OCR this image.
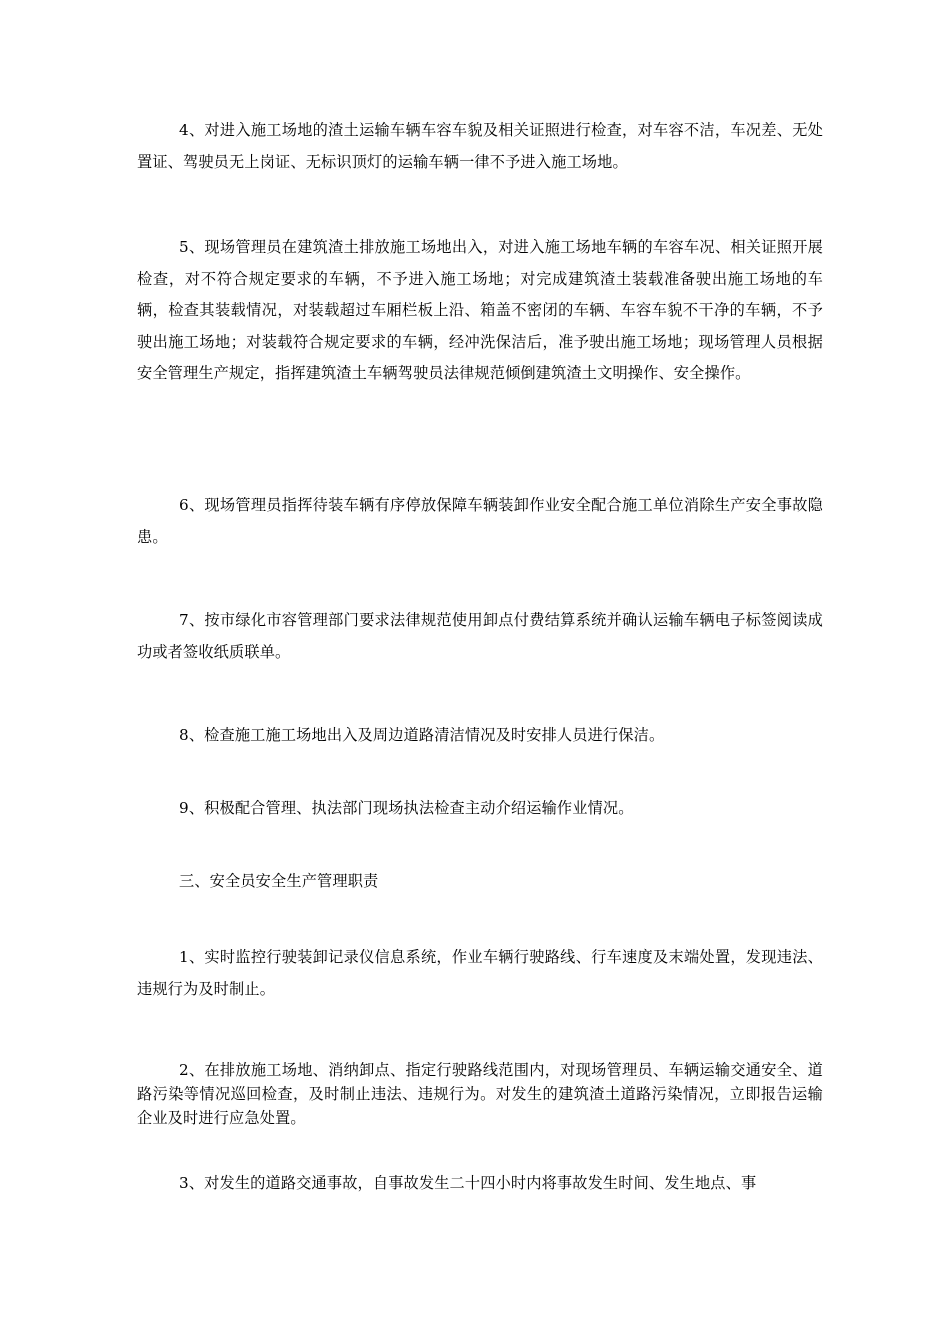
4、对进入施工场地的渣土运输车辆车容车貌及相关证照进行检查，对车容不洁，车况差、无处置证、驾驶员无上岗证、无标识顶灯的运输车辆一律不予进入施工场地。

5、现场管理员在建筑渣土排放施工场地出入，对进入施工场地车辆的车容车况、相关证照开展检查，对不符合规定要求的车辆，不予进入施工场地；对完成建筑渣土装载准备驶出施工场地的车辆，检查其装载情况，对装载超过车厢栏板上沿、箱盖不密闭的车辆、车容车貌不干净的车辆，不予驶出施工场地；对装载符合规定要求的车辆，经冲洗保洁后，准予驶出施工场地；现场管理人员根据安全管理生产规定，指挥建筑渣土车辆驾驶员法律规范倾倒建筑渣土文明操作、安全操作。

6、现场管理员指挥待装车辆有序停放保障车辆装卸作业安全配合施工单位消除生产安全事故隐患。

7、按市绿化市容管理部门要求法律规范使用卸点付费结算系统并确认运输车辆电子标签阅读成功或者签收纸质联单。

8、检查施工施工场地出入及周边道路清洁情况及时安排人员进行保洁。

9、积极配合管理、执法部门现场执法检查主动介绍运输作业情况。

三、安全员安全生产管理职责

1、实时监控行驶装卸记录仪信息系统，作业车辆行驶路线、行车速度及末端处置，发现违法、违规行为及时制止。

2、在排放施工场地、消纳卸点、指定行驶路线范围内，对现场管理员、车辆运输交通安全、道路污染等情况巡回检查，及时制止违法、违规行为。对发生的建筑渣土道路污染情况，立即报告运输企业及时进行应急处置。

3、对发生的道路交通事故，自事故发生二十四小时内将事故发生时间、发生地点、事
